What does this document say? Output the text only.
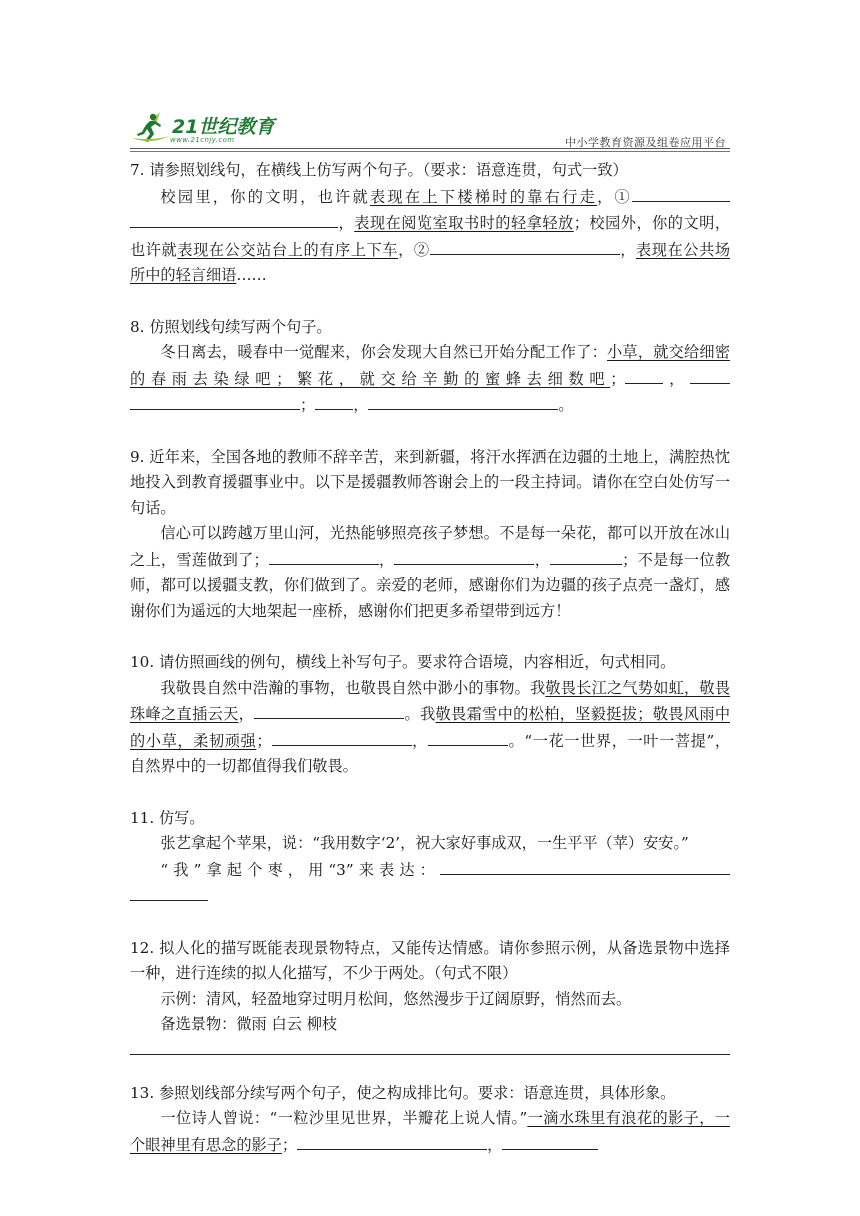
21世纪教育
www.21cnjy.com	中小学教育资源及组卷应用平台

7. 请参照划线句，在横线上仿写两个句子。（要求：语意连贯，句式一致）

校园里，你的文明，也许就表现在上下楼梯时的靠右行走，①，表现在阅览室取书时的轻拿轻放；校园外，你的文明，也许就表现在公交站台上的有序上下车，②	，表现在公共场所中的轻言细语……

8. 仿照划线句续写两个句子。

冬日离去，暖春中一觉醒来，你会发现大自然已开始分配工作了：小草，就交给细密的春雨去染绿吧；繁花，就交给辛勤的蜜蜂去细数吧；	，；	，	。

9. 近年来，全国各地的教师不辞辛苦，来到新疆，将汗水挥洒在边疆的土地上，满腔热忱地投入到教育援疆事业中。以下是援疆教师答谢会上的一段主持词。请你在空白处仿写一句话。

信心可以跨越万里山河，光热能够照亮孩子梦想。不是每一朵花，都可以开放在冰山之上，雪莲做到了；	，	，	；不是每一位教师，都可以援疆支教，你们做到了。亲爱的老师，感谢你们为边疆的孩子点亮一盏灯，感谢你们为遥远的大地架起一座桥，感谢你们把更多希望带到远方！

10. 请仿照画线的例句，横线上补写句子。要求符合语境，内容相近，句式相同。

我敬畏自然中浩瀚的事物，也敬畏自然中渺小的事物。我敬畏长江之气势如虹，敬畏珠峰之直插云天，	。我敬畏霜雪中的松柏，坚毅挺拔；敬畏风雨中的小草，柔韧顽强；	，	。“一花一世界，一叶一菩提”，自然界中的一切都值得我们敬畏。

11. 仿写。

张艺拿起个苹果，说：“我用数字‘2’，祝大家好事成双，一生平平（苹）安安。”

“我”拿起个枣，用“3”来表达：

12. 拟人化的描写既能表现景物特点，又能传达情感。请你参照示例，从备选景物中选择一种，进行连续的拟人化描写，不少于两处。（句式不限）

示例：清风，轻盈地穿过明月松间，悠然漫步于辽阔原野，悄然而去。

备选景物：微雨 白云 柳枝

13. 参照划线部分续写两个句子，使之构成排比句。要求：语意连贯，具体形象。

一位诗人曾说：“一粒沙里见世界，半瓣花上说人情。”一滴水珠里有浪花的影子，一个眼神里有思念的影子；	，
